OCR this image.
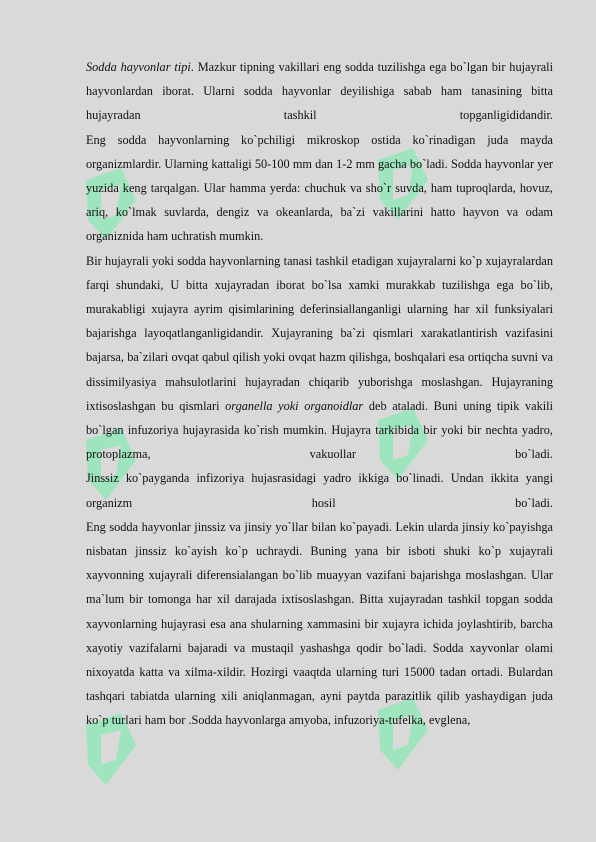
Sodda hayvonlar tipi. Mazkur tipning vakillari eng sodda tuzilishga ega bo`lgan bir hujayrali hayvonlardan iborat. Ularni sodda hayvonlar deyilishiga sabab ham tanasining bitta hujayradan tashkil topganligididandir.

Eng sodda hayvonlarning ko`pchiligi mikroskop ostida ko`rinadigan juda mayda organizmlardir. Ularning kattaligi 50-100 mm dan 1-2 mm gacha bo`ladi. Sodda hayvonlar yer yuzida keng tarqalgan. Ular hamma yerda: chuchuk va sho`r suvda, ham tuproqlarda, hovuz, ariq, ko`lmak suvlarda, dengiz va okeanlarda, ba`zi vakillarini hatto hayvon va odam organiznida ham uchratish mumkin.

Bir hujayrali yoki sodda hayvonlarning tanasi tashkil etadigan xujayralarni ko`p xujayralardan farqi shundaki, U bitta xujayradan iborat bo`lsa xamki murakkab tuzilishga ega bo`lib, murakabligi xujayra ayrim qisimlarining deferinsiallanganligi ularning har xil funksiyalari bajarishga layoqatlanganligidandir. Xujayraning ba`zi qismlari xarakatlantirish vazifasini bajarsa, ba`zilari ovqat qabul qilish yoki ovqat hazm qilishga, boshqalari esa ortiqcha suvni va dissimilyasiya mahsulotlarini hujayradan chiqarib yuborishga moslashgan. Hujayraning ixtisoslashgan bu qismlari organella yoki organoidlar deb ataladi. Buni uning tipik vakili bo`lgan infuzoriya hujayrasida ko`rish mumkin. Hujayra tarkibida bir yoki bir nechta yadro, protoplazma, vakuollar bo`ladi.

Jinssiz ko`payganda infizoriya hujasrasidagi yadro ikkiga bo`linadi. Undan ikkita yangi organizm hosil bo`ladi.

Eng sodda hayvonlar jinssiz va jinsiy yo`llar bilan ko`payadi. Lekin ularda jinsiy ko`payishga nisbatan jinssiz ko`ayish ko`p uchraydi. Buning yana bir isboti shuki ko`p xujayrali xayvonning xujayrali diferensialangan bo`lib muayyan vazifani bajarishga moslashgan. Ular ma`lum bir tomonga har xil darajada ixtisoslashgan. Bitta xujayradan tashkil topgan sodda xayvonlarning hujayrasi esa ana shularning xammasini bir xujayra ichida joylashtirib, barcha xayotiy vazifalarni bajaradi va mustaqil yashashga qodir bo`ladi. Sodda xayvonlar olami nixoyatda katta va xilma-xildir. Hozirgi vaaqtda ularning turi 15000 tadan ortadi. Bulardan tashqari tabiatda ularning xili aniqlanmagan, ayni paytda parazitlik qilib yashaydigan juda ko`p turlari ham bor .Sodda hayvonlarga amyoba, infuzoriya-tufelka, evglena,
